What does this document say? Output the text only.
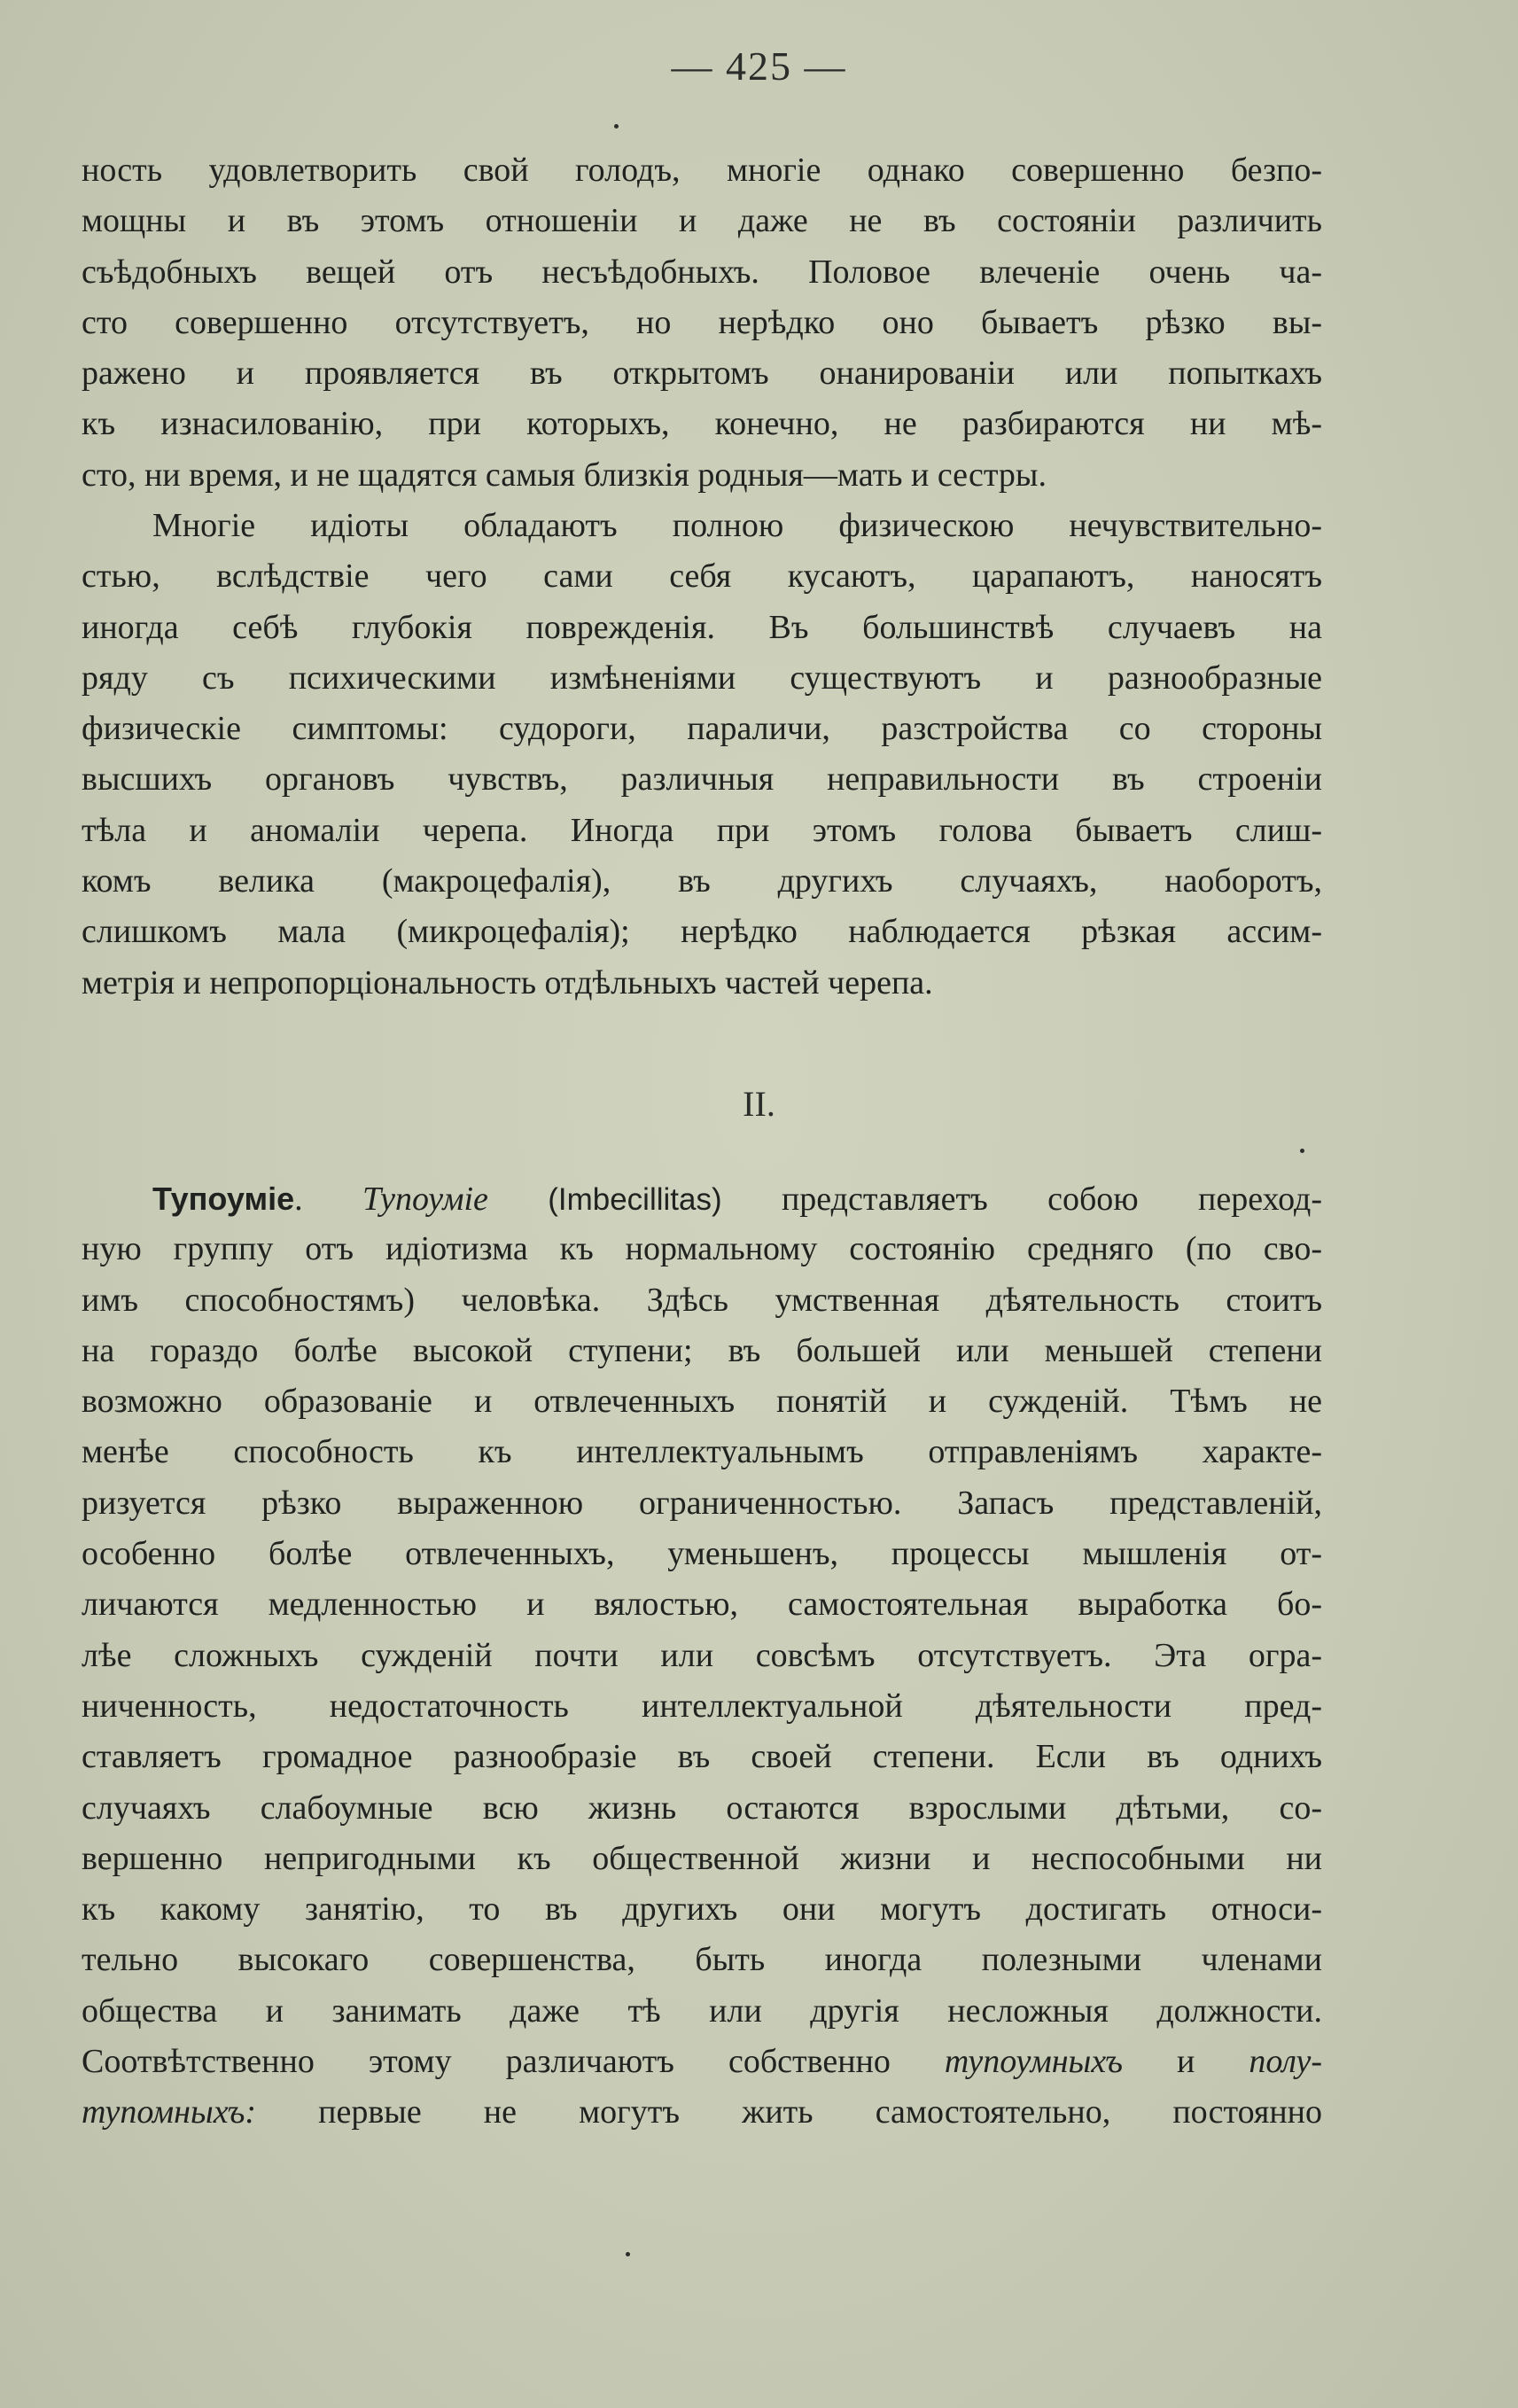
— 425 —
ность удовлетворить свой голодъ, многіе однако совершенно безпо-
мощны и въ этомъ отношеніи и даже не въ состояніи различить
съѣдобныхъ вещей отъ несъѣдобныхъ. Половое влеченіе очень ча-
сто совершенно отсутствуетъ, но нерѣдко оно бываетъ рѣзко вы-
ражено и проявляется въ открытомъ онанированіи или попыткахъ
къ изнасилованію, при которыхъ, конечно, не разбираются ни мѣ-
сто, ни время, и не щадятся самыя близкія родныя—мать и сестры.
Многіе идіоты обладаютъ полною физическою нечувствительно-
стью, вслѣдствіе чего сами себя кусаютъ, царапаютъ, наносятъ
иногда себѣ глубокія поврежденія. Въ большинствѣ случаевъ на
ряду съ психическими измѣненіями существуютъ и разнообразные
физическіе симптомы: судороги, параличи, разстройства со стороны
высшихъ органовъ чувствъ, различныя неправильности въ строеніи
тѣла и аномаліи черепа. Иногда при этомъ голова бываетъ слиш-
комъ велика (макроцефалія), въ другихъ случаяхъ, наоборотъ,
слишкомъ мала (микроцефалія); нерѣдко наблюдается рѣзкая ассим-
метрія и непропорціональность отдѣльныхъ частей черепа.
II.
Тупоуміе. Тупоумiе (Imbecillitas) представляетъ собою переход-
ную группу отъ идіотизма къ нормальному состоянію средняго (по сво-
имъ способностямъ) человѣка. Здѣсь умственная дѣятельность стоитъ
на гораздо болѣе высокой ступени; въ большей или меньшей степени
возможно образованіе и отвлеченныхъ понятій и сужденій. Тѣмъ не
менѣе способность къ интеллектуальнымъ отправленіямъ характе-
ризуется рѣзко выраженною ограниченностью. Запасъ представленій,
особенно болѣе отвлеченныхъ, уменьшенъ, процессы мышленія от-
личаются медленностью и вялостью, самостоятельная выработка бо-
лѣе сложныхъ сужденій почти или совсѣмъ отсутствуетъ. Эта огра-
ниченность, недостаточность интеллектуальной дѣятельности пред-
ставляетъ громадное разнообразіе въ своей степени. Если въ однихъ
случаяхъ слабоумные всю жизнь остаются взрослыми дѣтьми, со-
вершенно непригодными къ общественной жизни и неспособными ни
къ какому занятію, то въ другихъ они могутъ достигать относи-
тельно высокаго совершенства, быть иногда полезными членами
общества и занимать даже тѣ или другія несложныя должности.
Соотвѣтственно этому различаютъ собственно тупоумныхъ и полу-
тупомныхъ: первые не могутъ жить самостоятельно, постоянно
